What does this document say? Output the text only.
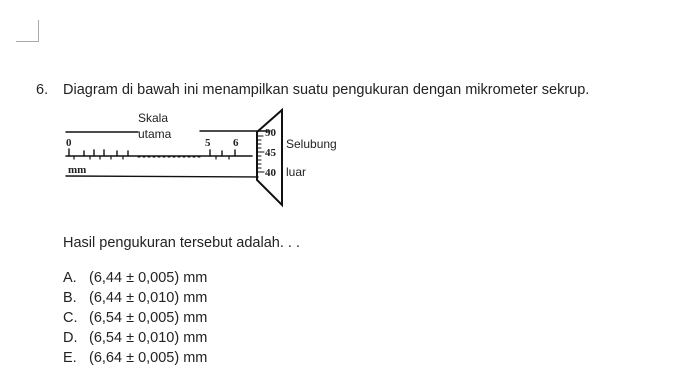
6. Diagram di bawah ini menampilkan suatu pengukuran dengan mikrometer sekrup.
Skala
utama
0	5 6
mm
90
45
40
Selubung
luar
Hasil pengukuran tersebut adalah. . .
A. (6,44 ± 0,005) mm
B. (6,44 ± 0,010) mm
C. (6,54 ± 0,005) mm
D. (6,54 ± 0,010) mm
E. (6,64 ± 0,005) mm
